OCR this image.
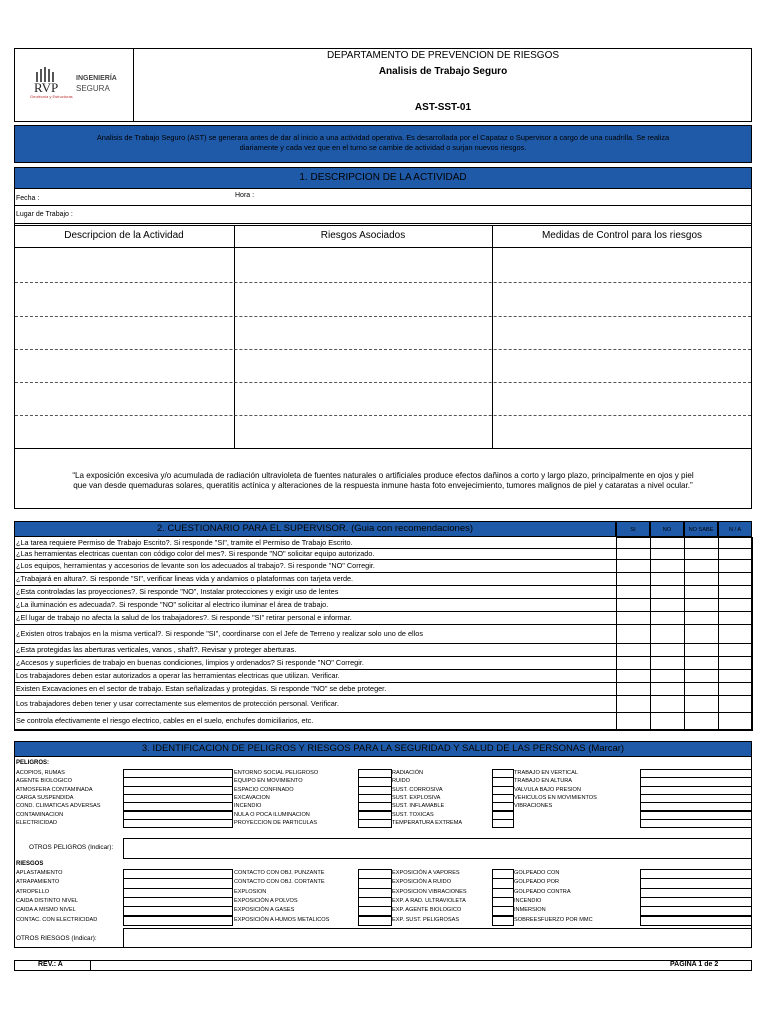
RVP
Geotécnia y Estructuras
INGENIERÍA
SEGURA
DEPARTAMENTO DE PREVENCION DE RIESGOS
Analisis de Trabajo Seguro
AST-SST-01
Analisis de Trabajo Seguro (AST) se generara antes de dar al inicio a una actividad operativa. Es desarrollada por el Capataz o Supervisor a cargo de una cuadrilla. Se realiza
diariamente y cada vez que en el turno se cambie de actividad o surjan nuevos riesgos.
1. DESCRIPCION DE LA ACTIVIDAD
Fecha :	Hora :
Lugar de Trabajo :
Descripcion de la Actividad	Riesgos Asociados	Medidas de Control para los riesgos
“La exposición excesiva y/o acumulada de radiación ultravioleta de fuentes naturales o artificiales produce efectos dañinos a corto y largo plazo, principalmente en ojos y piel
que van desde quemaduras solares, queratitis actínica y alteraciones de la respuesta inmune hasta foto envejecimiento, tumores malignos de piel y cataratas a nivel ocular.”
2. CUESTIONARIO PARA EL SUPERVISOR. (Guia con recomendaciones)	SI	NO	NO SABE	N / A
¿La tarea requiere Permiso de Trabajo Escrito?. Si responde "SI", tramite el Permiso de Trabajo Escrito.
¿Las herramientas electricas cuentan con código color del mes?. Si responde "NO" solicitar equipo autorizado.
¿Los equipos, herramientas y accesorios de levante son los adecuados al trabajo?. Si responde "NO" Corregir.
¿Trabajará en altura?. Si responde "SI", verificar lineas vida y andamios o plataformas con tarjeta verde.
¿Esta controladas las proyecciones?. Si responde "NO", Instalar protecciones y exigir uso de lentes
¿La iluminación es adecuada?. Si responde "NO" solicitar al electrico iluminar el área de trabajo.
¿El lugar de trabajo no afecta la salud de los trabajadores?. Si responde "SI" retirar personal e informar.
¿Existen otros trabajos en la misma vertical?. Si responde "SI", coordinarse con el Jefe de Terreno y realizar solo uno de ellos
¿Esta protegidas las aberturas verticales, vanos , shaft?. Revisar y proteger aberturas.
¿Accesos y superficies de trabajo en buenas condiciones, limpios y ordenados? Si responde "NO" Corregir.
Los trabajadores deben estar autorizados a operar las herramientas electricas que utilizan. Verificar.
Existen Excavaciones en el sector de trabajo. Estan señalizadas y protegidas. Si responde "NO" se debe proteger.
Los trabajadores deben tener y usar correctamente sus elementos de protección personal. Verificar.
Se controla efectivamente el riesgo electrico, cables en el suelo, enchufes domiciliarios, etc.
3. IDENTIFICACION DE PELIGROS Y RIESGOS PARA LA SEGURIDAD Y SALUD DE LAS PERSONAS (Marcar)
PELIGROS:
ACOPIOS, RUMAS	ENTORNO SOCIAL PELIGROSO	RADIACIÓN	TRABAJO EN VERTICAL
AGENTE BIOLOGICO	EQUIPO EN MOVIMIENTO	RUIDO	TRABAJO EN ALTURA
ATMOSFERA CONTAMINADA	ESPACIO CONFINADO	SUST. CORROSIVA	VALVULA BAJO PRESION
CARGA SUSPENDIDA	EXCAVACION	SUST. EXPLOSIVA	VEHICULOS EN MOVIMIENTOS
COND. CLIMATICAS ADVERSAS	INCENDIO	SUST. INFLAMABLE	VIBRACIONES
CONTAMINACION	NULA O POCA ILUMINACION	SUST. TOXICAS
ELECTRICIDAD	PROYECCION DE PARTICULAS	TEMPERATURA EXTREMA
OTROS PELIGROS (Indicar):
RIESGOS
APLASTAMIENTO	CONTACTO CON OBJ. PUNZANTE	EXPOSICIÓN A VAPORES	GOLPEADO CON
ATRAPAMIENTO	CONTACTO CON OBJ. CORTANTE	EXPOSICIÓN A RUIDO	GOLPEADO POR
ATROPELLO	EXPLOSION	EXPOSICION VIBRACIONES	GOLPEADO CONTRA
CAIDA DISTINTO NIVEL	EXPOSICIÓN A POLVOS	EXP. A RAD. ULTRAVIOLETA	INCENDIO
CAIDA A MISMO NIVEL	EXPOSICIÓN A GASES	EXP. AGENTE BIOLOGICO	INMERSION
CONTAC. CON ELECTRICIDAD	EXPOSICIÓN A HUMOS METALICOS	EXP. SUST. PELIGROSAS	SOBREESFUERZO POR MMC
OTROS RIESGOS (Indicar):
REV.: A	PAGINA 1 de 2
